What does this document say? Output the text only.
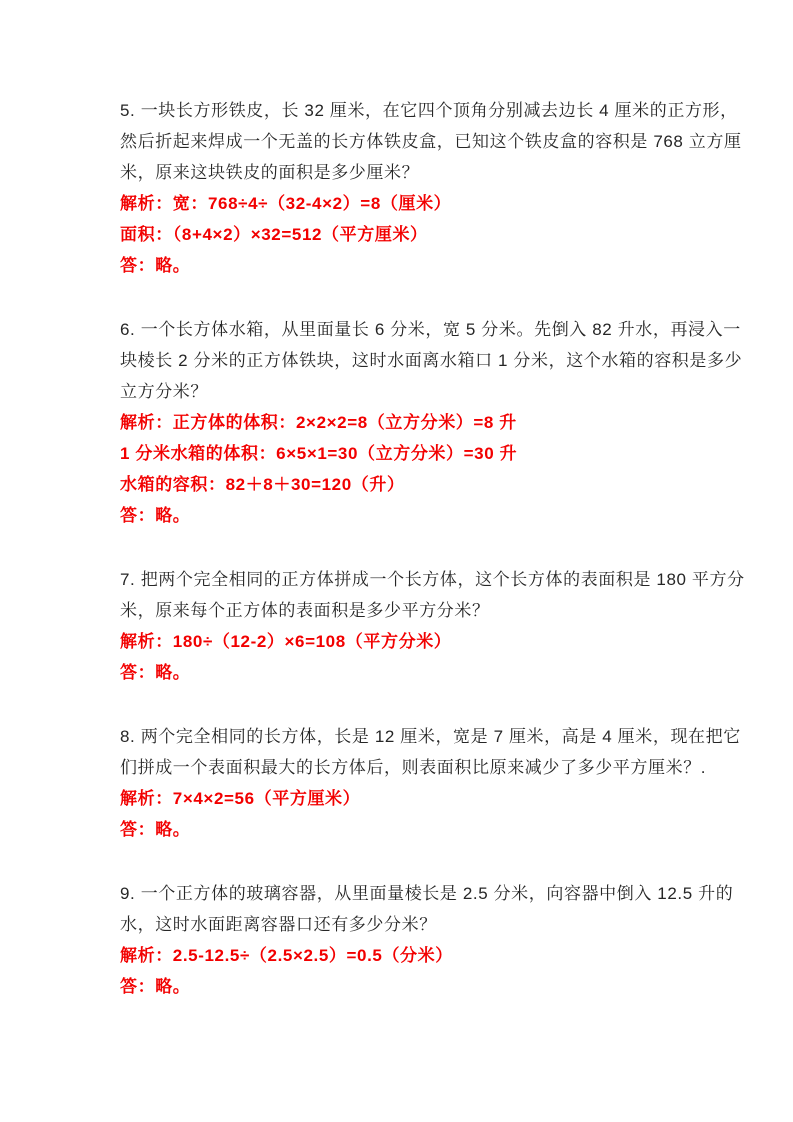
5. 一块长方形铁皮，长 32 厘米，在它四个顶角分别减去边长 4 厘米的正方形，
然后折起来焊成一个无盖的长方体铁皮盒，已知这个铁皮盒的容积是 768 立方厘
米，原来这块铁皮的面积是多少厘米？
解析：宽：768÷4÷（32-4×2）=8（厘米）
面积：（8+4×2）×32=512（平方厘米）
答：略。
6. 一个长方体水箱，从里面量长 6 分米，宽 5 分米。先倒入 82 升水，再浸入一
块棱长 2 分米的正方体铁块，这时水面离水箱口 1 分米，这个水箱的容积是多少
立方分米？
解析：正方体的体积：2×2×2=8（立方分米）=8 升
1 分米水箱的体积：6×5×1=30（立方分米）=30 升
水箱的容积：82＋8＋30=120（升）
答：略。
7. 把两个完全相同的正方体拼成一个长方体，这个长方体的表面积是 180 平方分
米，原来每个正方体的表面积是多少平方分米？
解析：180÷（12-2）×6=108（平方分米）
答：略。
8. 两个完全相同的长方体，长是 12 厘米，宽是 7 厘米，高是 4 厘米，现在把它
们拼成一个表面积最大的长方体后，则表面积比原来减少了多少平方厘米？.
解析：7×4×2=56（平方厘米）
答：略。
9. 一个正方体的玻璃容器，从里面量棱长是 2.5 分米，向容器中倒入 12.5 升的
水，这时水面距离容器口还有多少分米？
解析：2.5-12.5÷（2.5×2.5）=0.5（分米）
答：略。
